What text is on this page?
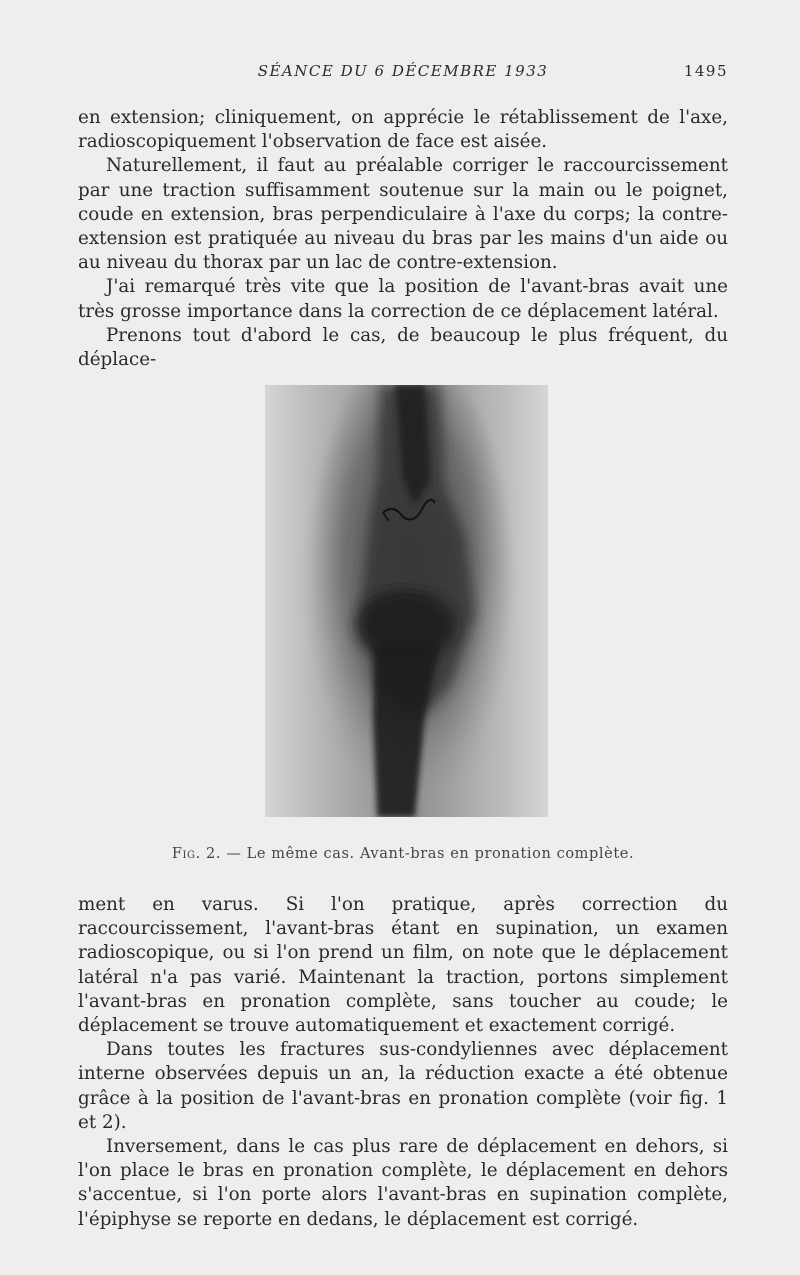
SÉANCE DU 6 DÉCEMBRE 1933	1495

en extension; cliniquement, on apprécie le rétablissement de l'axe, radioscopiquement l'observation de face est aisée.

Naturellement, il faut au préalable corriger le raccourcissement par une traction suffisamment soutenue sur la main ou le poignet, coude en extension, bras perpendiculaire à l'axe du corps; la contre-extension est pratiquée au niveau du bras par les mains d'un aide ou au niveau du thorax par un lac de contre-extension.

J'ai remarqué très vite que la position de l'avant-bras avait une très grosse importance dans la correction de ce déplacement latéral.

Prenons tout d'abord le cas, de beaucoup le plus fréquent, du déplace-

Fig. 2. — Le même cas. Avant-bras en pronation complète.

ment en varus. Si l'on pratique, après correction du raccourcissement, l'avant-bras étant en supination, un examen radioscopique, ou si l'on prend un film, on note que le déplacement latéral n'a pas varié. Maintenant la traction, portons simplement l'avant-bras en pronation complète, sans toucher au coude; le déplacement se trouve automatiquement et exactement corrigé.

Dans toutes les fractures sus-condyliennes avec déplacement interne observées depuis un an, la réduction exacte a été obtenue grâce à la position de l'avant-bras en pronation complète (voir fig. 1 et 2).

Inversement, dans le cas plus rare de déplacement en dehors, si l'on place le bras en pronation complète, le déplacement en dehors s'accentue, si l'on porte alors l'avant-bras en supination complète, l'épiphyse se reporte en dedans, le déplacement est corrigé.
